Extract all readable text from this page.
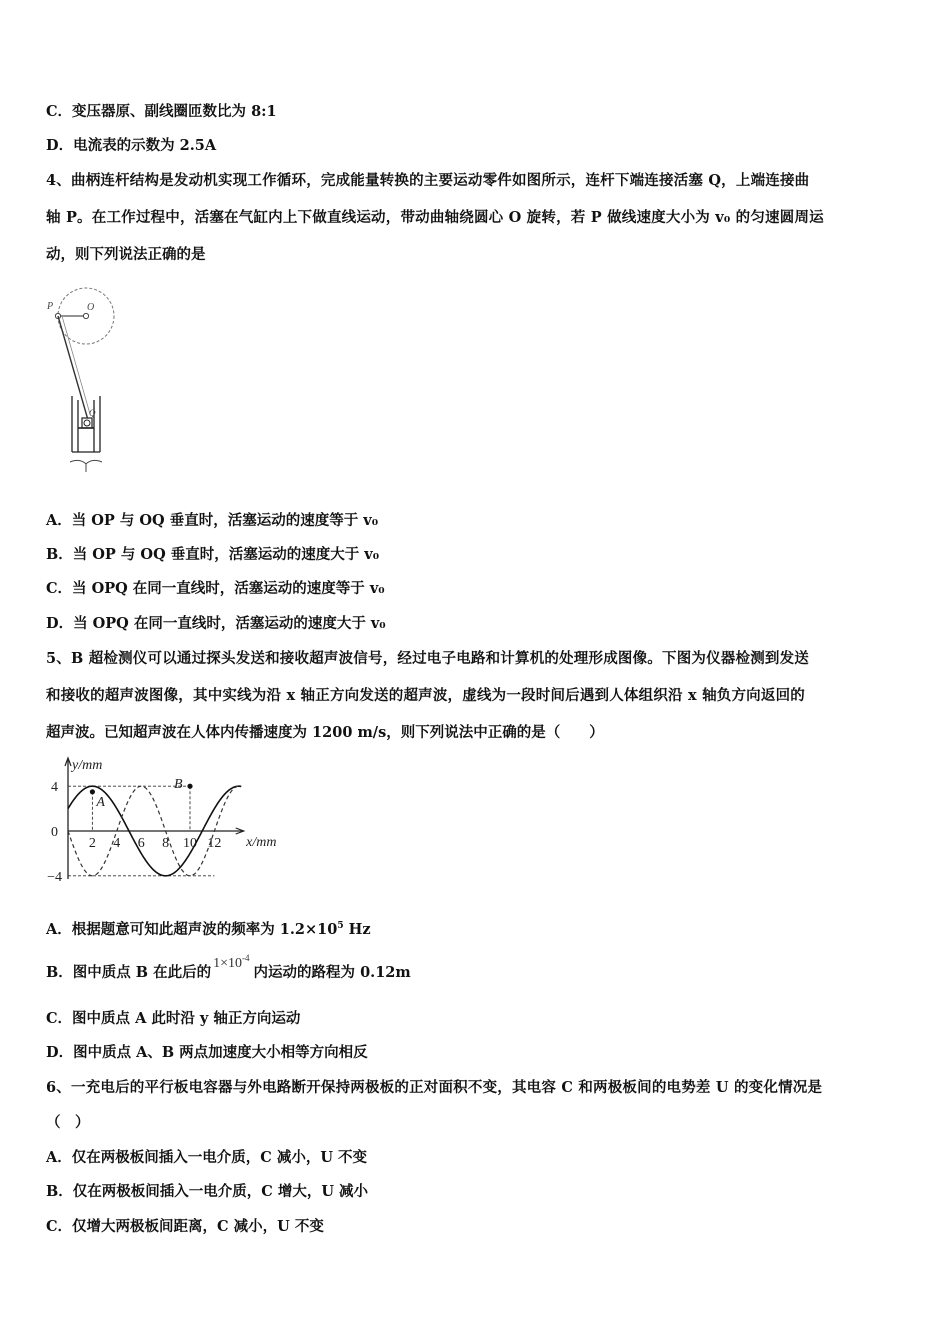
C．变压器原、副线圈匝数比为 8:1
D．电流表的示数为 2.5A
4、曲柄连杆结构是发动机实现工作循环，完成能量转换的主要运动零件如图所示，连杆下端连接活塞 Q，上端连接曲
轴 P。在工作过程中，活塞在气缸内上下做直线运动，带动曲轴绕圆心 O 旋转，若 P 做线速度大小为 v₀ 的匀速圆周运
动，则下列说法正确的是
P	O
Q
A．当 OP 与 OQ 垂直时，活塞运动的速度等于 v₀
B．当 OP 与 OQ 垂直时，活塞运动的速度大于 v₀
C．当 OPQ 在同一直线时，活塞运动的速度等于 v₀
D．当 OPQ 在同一直线时，活塞运动的速度大于 v₀
5、B 超检测仪可以通过探头发送和接收超声波信号，经过电子电路和计算机的处理形成图像。下图为仪器检测到发送
和接收的超声波图像，其中实线为沿 x 轴正方向发送的超声波，虚线为一段时间后遇到人体组织沿 x 轴负方向返回的
超声波。已知超声波在人体内传播速度为 1200 m/s，则下列说法中正确的是（　　）
y/mm
x/mm
4
0
−4
2 4 6 8 10 12
A
B
A．根据题意可知此超声波的频率为 $1.2\times 10^5$ Hz
B．图中质点 B 在此后的$1\times 10^{-4}$内运动的路程为 0.12m
C．图中质点 A 此时沿 y 轴正方向运动
D．图中质点 A、B 两点加速度大小相等方向相反
6、一充电后的平行板电容器与外电路断开保持两极板的正对面积不变，其电容 C 和两极板间的电势差 U 的变化情况是
（　）
A．仅在两极板间插入一电介质，C 减小，U 不变
B．仅在两极板间插入一电介质，C 增大，U 减小
C．仅增大两极板间距离，C 减小，U 不变
